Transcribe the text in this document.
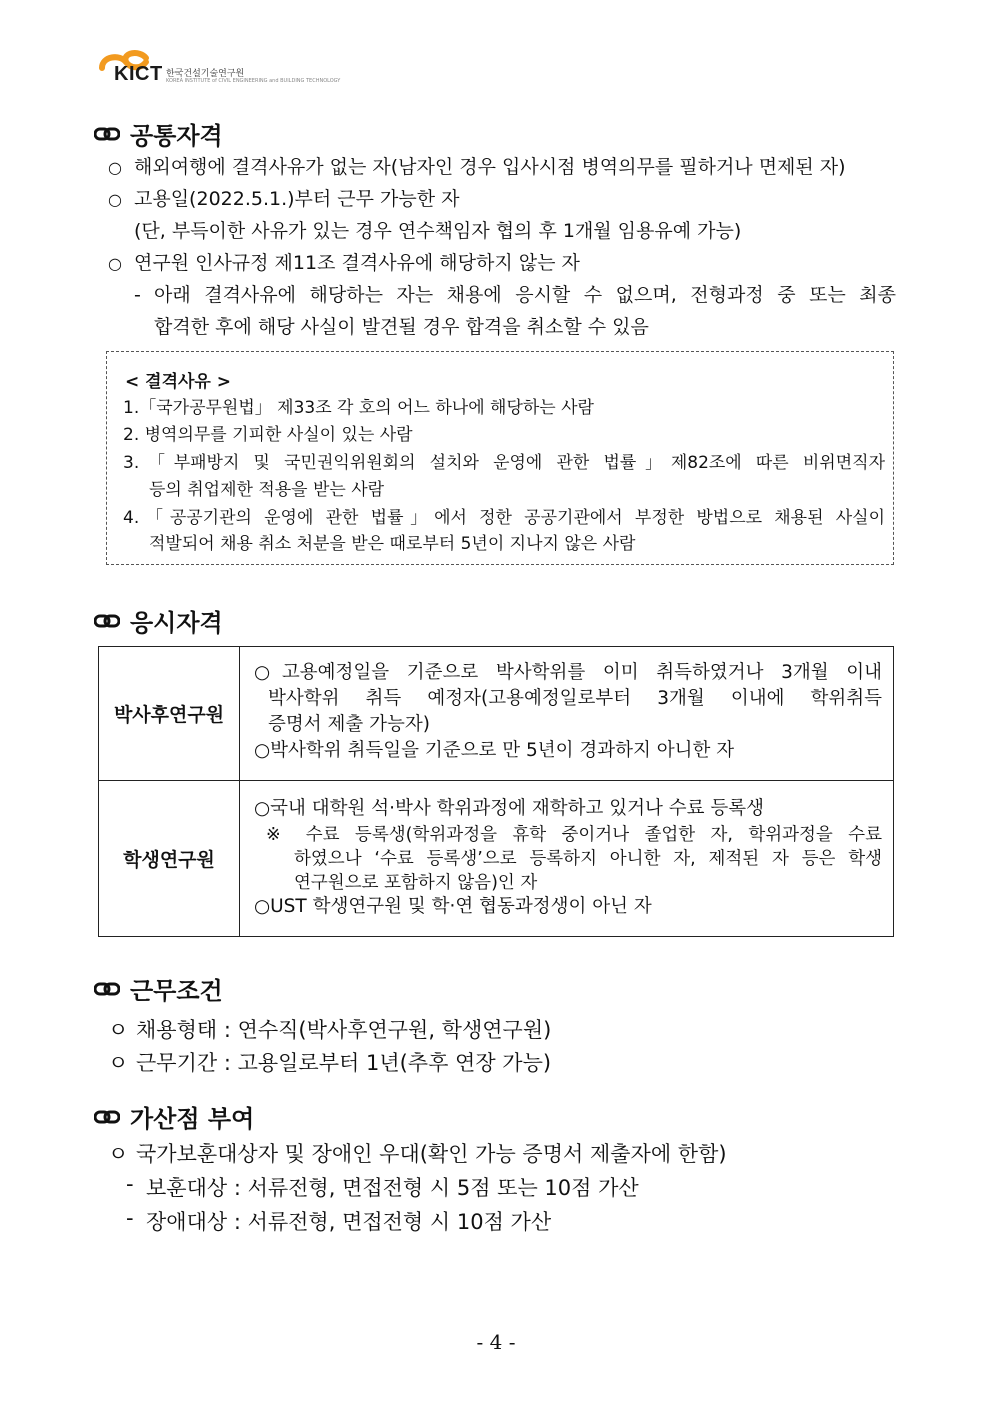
KICT 한국건설기술연구원
KOREA INSTITUTE of CIVIL ENGINEERING and BUILDING TECHNOLOGY
공통자격
○ 해외여행에 결격사유가 없는 자(남자인 경우 입사시점 병역의무를 필하거나 면제된 자)
○ 고용일(2022.5.1.)부터 근무 가능한 자
(단, 부득이한 사유가 있는 경우 연수책임자 협의 후 1개월 임용유예 가능)
○ 연구원 인사규정 제11조 결격사유에 해당하지 않는 자
- 아래 결격사유에 해당하는 자는 채용에 응시할 수 없으며, 전형과정 중 또는 최종
합격한 후에 해당 사실이 발견될 경우 합격을 취소할 수 있음
< 결격사유 >
1.「국가공무원법」 제33조 각 호의 어느 하나에 해당하는 사람
2. 병역의무를 기피한 사실이 있는 사람
3.「부패방지 및 국민권익위원회의 설치와 운영에 관한 법률」제82조에 따른 비위면직자
등의 취업제한 적용을 받는 사람
4.「공공기관의 운영에 관한 법률」에서 정한 공공기관에서 부정한 방법으로 채용된 사실이
적발되어 채용 취소 처분을 받은 때로부터 5년이 지나지 않은 사람
응시자격
박사후연구원	○고용예정일을 기준으로 박사학위를 이미 취득하였거나 3개월 이내
박사학위 취득 예정자(고용예정일로부터 3개월 이내에 학위취득
증명서 제출 가능자)
○박사학위 취득일을 기준으로 만 5년이 경과하지 아니한 자

학생연구원	○국내 대학원 석·박사 학위과정에 재학하고 있거나 수료 등록생
※ 수료 등록생(학위과정을 휴학 중이거나 졸업한 자, 학위과정을 수료
하였으나 ‘수료 등록생’으로 등록하지 아니한 자, 제적된 자 등은 학생
연구원으로 포함하지 않음)인 자
○UST 학생연구원 및 학·연 협동과정생이 아닌 자
근무조건
ㅇ 채용형태 : 연수직(박사후연구원, 학생연구원)
ㅇ 근무기간 : 고용일로부터 1년(추후 연장 가능)
가산점 부여
ㅇ 국가보훈대상자 및 장애인 우대(확인 가능 증명서 제출자에 한함)
- 보훈대상 : 서류전형, 면접전형 시 5점 또는 10점 가산
- 장애대상 : 서류전형, 면접전형 시 10점 가산
- 4 -
